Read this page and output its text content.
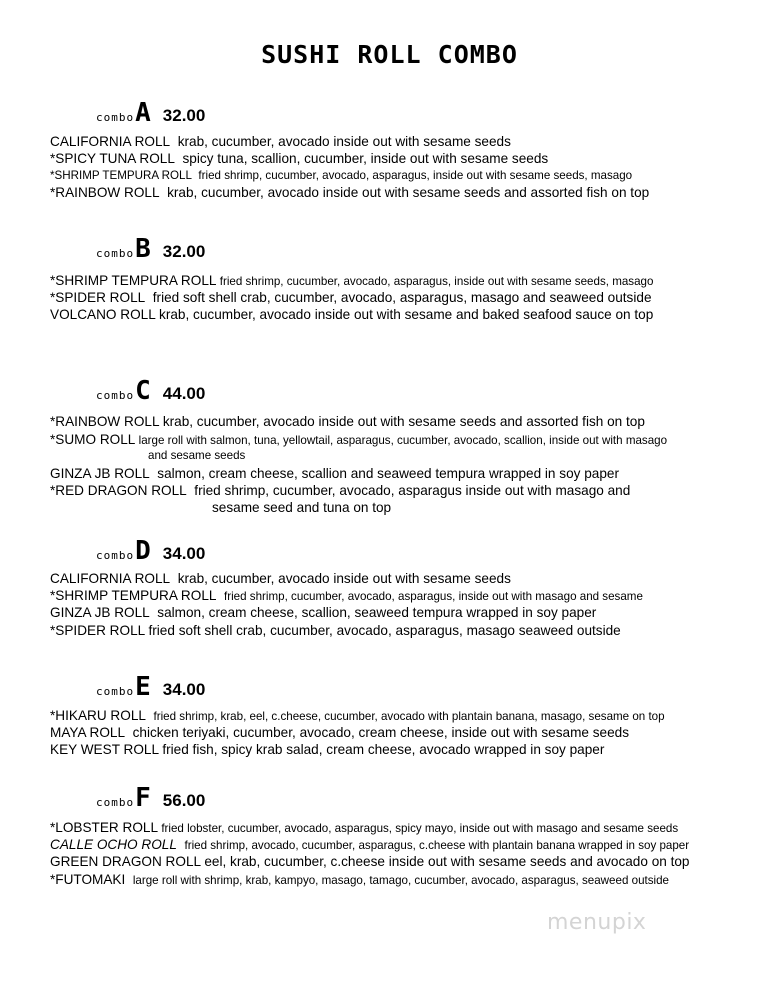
SUSHI ROLL COMBO
combo A 32.00
CALIFORNIA ROLL krab, cucumber, avocado inside out with sesame seeds
*SPICY TUNA ROLL spicy tuna, scallion, cucumber, inside out with sesame seeds
*SHRIMP TEMPURA ROLL fried shrimp, cucumber, avocado, asparagus, inside out with sesame seeds, masago
*RAINBOW ROLL krab, cucumber, avocado inside out with sesame seeds and assorted fish on top
combo B 32.00
*SHRIMP TEMPURA ROLL fried shrimp, cucumber, avocado, asparagus, inside out with sesame seeds, masago
*SPIDER ROLL fried soft shell crab, cucumber, avocado, asparagus, masago and seaweed outside
VOLCANO ROLL krab, cucumber, avocado inside out with sesame and baked seafood sauce on top
combo C 44.00
*RAINBOW ROLL krab, cucumber, avocado inside out with sesame seeds and assorted fish on top
*SUMO ROLL large roll with salmon, tuna, yellowtail, asparagus, cucumber, avocado, scallion, inside out with masago
and sesame seeds
GINZA JB ROLL salmon, cream cheese, scallion and seaweed tempura wrapped in soy paper
*RED DRAGON ROLL fried shrimp, cucumber, avocado, asparagus inside out with masago and
sesame seed and tuna on top
combo D 34.00
CALIFORNIA ROLL krab, cucumber, avocado inside out with sesame seeds
*SHRIMP TEMPURA ROLL fried shrimp, cucumber, avocado, asparagus, inside out with masago and sesame
GINZA JB ROLL salmon, cream cheese, scallion, seaweed tempura wrapped in soy paper
*SPIDER ROLL fried soft shell crab, cucumber, avocado, asparagus, masago seaweed outside
combo E 34.00
*HIKARU ROLL fried shrimp, krab, eel, c.cheese, cucumber, avocado with plantain banana, masago, sesame on top
MAYA ROLL chicken teriyaki, cucumber, avocado, cream cheese, inside out with sesame seeds
KEY WEST ROLL fried fish, spicy krab salad, cream cheese, avocado wrapped in soy paper
combo F 56.00
*LOBSTER ROLL fried lobster, cucumber, avocado, asparagus, spicy mayo, inside out with masago and sesame seeds
CALLE OCHO ROLL fried shrimp, avocado, cucumber, asparagus, c.cheese with plantain banana wrapped in soy paper
GREEN DRAGON ROLL eel, krab, cucumber, c.cheese inside out with sesame seeds and avocado on top
*FUTOMAKI large roll with shrimp, krab, kampyo, masago, tamago, cucumber, avocado, asparagus, seaweed outside
menupix
